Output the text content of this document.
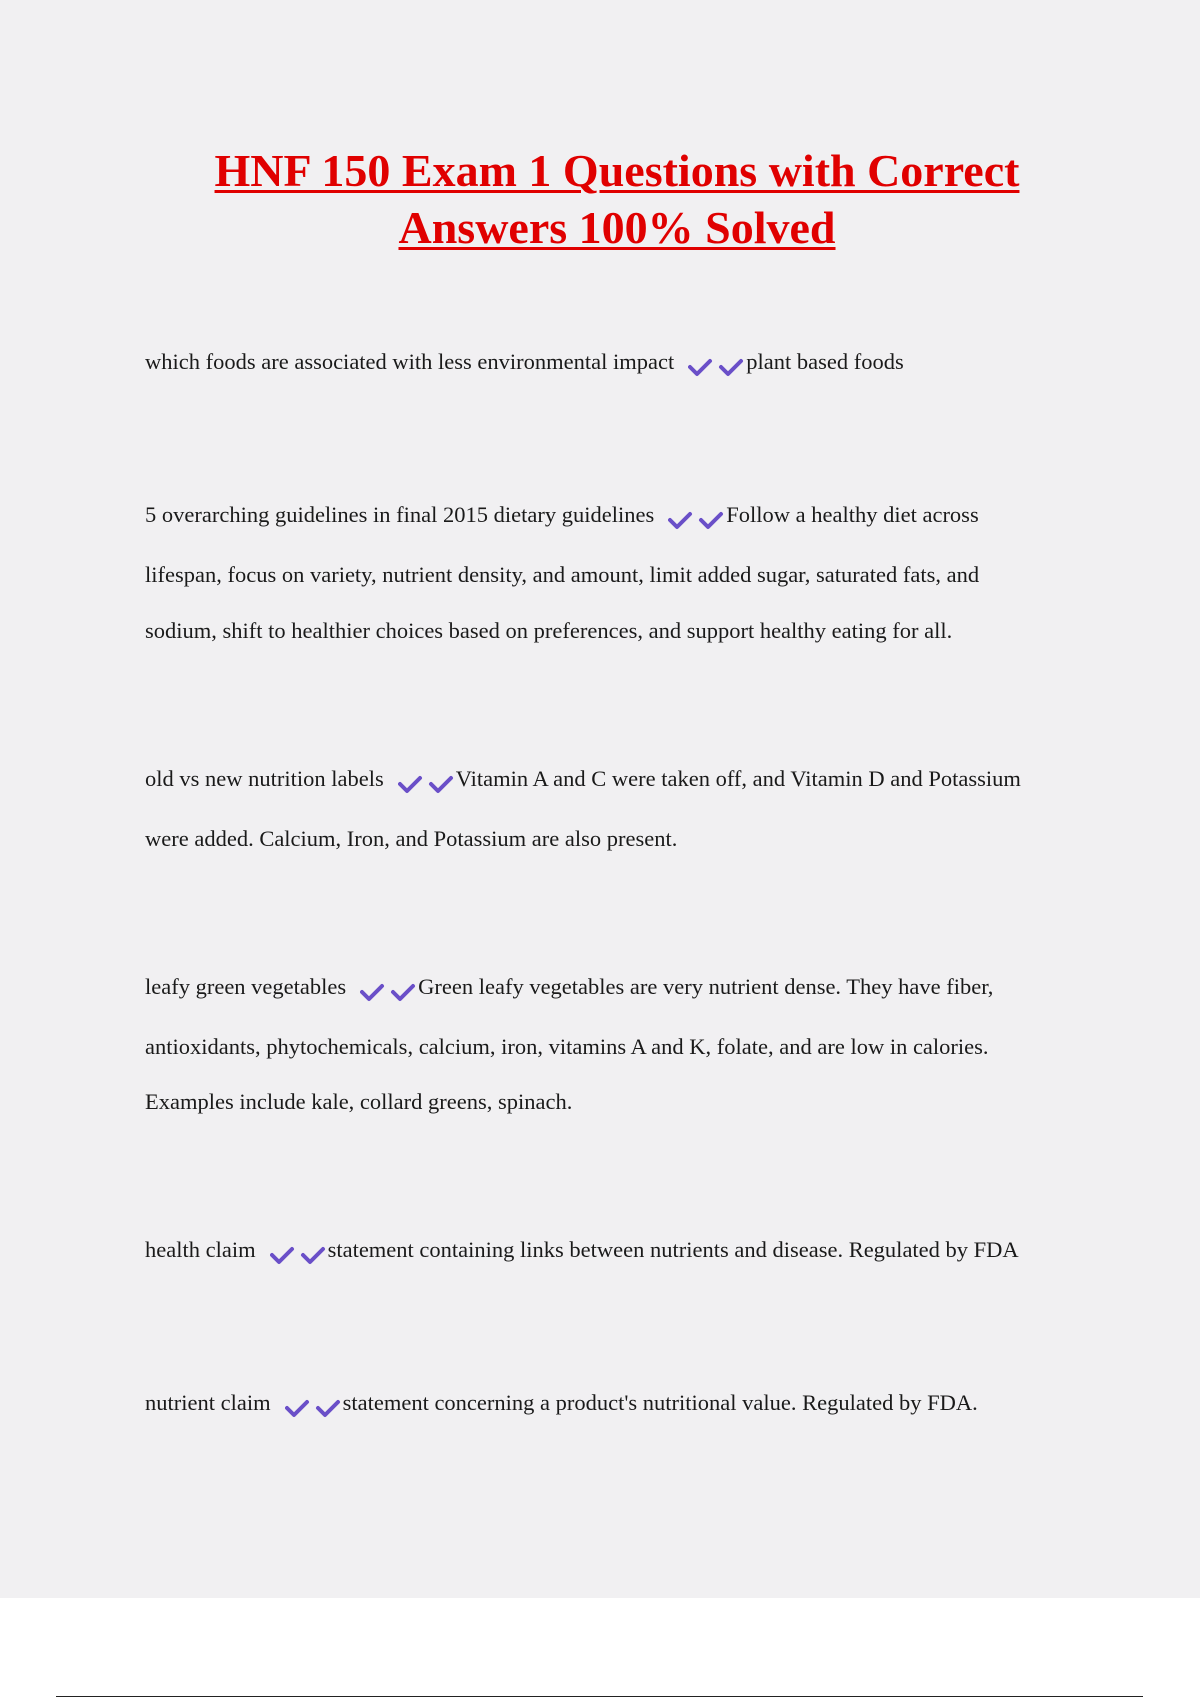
HNF 150 Exam 1 Questions with Correct
Answers 100% Solved
which foods are associated with less environmental impact	plant based foods
5 overarching guidelines in final 2015 dietary guidelines	Follow a healthy diet across
lifespan, focus on variety, nutrient density, and amount, limit added sugar, saturated fats, and
sodium, shift to healthier choices based on preferences, and support healthy eating for all.
old vs new nutrition labels	Vitamin A and C were taken off, and Vitamin D and Potassium
were added. Calcium, Iron, and Potassium are also present.
leafy green vegetables	Green leafy vegetables are very nutrient dense. They have fiber,
antioxidants, phytochemicals, calcium, iron, vitamins A and K, folate, and are low in calories.
Examples include kale, collard greens, spinach.
health claim	statement containing links between nutrients and disease. Regulated by FDA
nutrient claim	statement concerning a product's nutritional value. Regulated by FDA.
